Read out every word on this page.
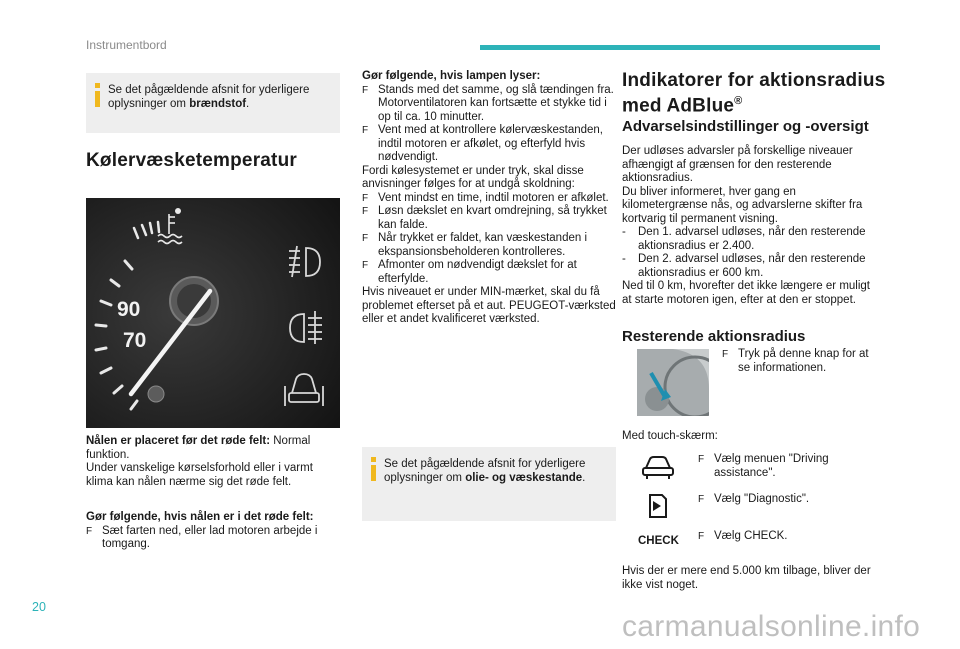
Instrumentbord
Se det pågældende afsnit for yderligere oplysninger om brændstof.
Kølervæsketemperatur
90
70
Nålen er placeret før det røde felt: Normal funktion.
Under vanskelige kørselsforhold eller i varmt klima kan nålen nærme sig det røde felt.
Gør følgende, hvis nålen er i det røde felt:
F Sæt farten ned, eller lad motoren arbejde i tomgang.
Gør følgende, hvis lampen lyser:
F Stands med det samme, og slå tændingen fra. Motorventilatoren kan fortsætte et stykke tid i op til ca. 10 minutter.
F Vent med at kontrollere kølervæskestanden, indtil motoren er afkølet, og efterfyld hvis nødvendigt.
Fordi kølesystemet er under tryk, skal disse anvisninger følges for at undgå skoldning:
F Vent mindst en time, indtil motoren er afkølet.
F Løsn dækslet en kvart omdrejning, så trykket kan falde.
F Når trykket er faldet, kan væskestanden i ekspansionsbeholderen kontrolleres.
F Afmonter om nødvendigt dækslet for at efterfylde.
Hvis niveauet er under MIN-mærket, skal du få problemet efterset på et aut. PEUGEOT-værksted eller et andet kvalificeret værksted.
Se det pågældende afsnit for yderligere oplysninger om olie- og væskestande.
Indikatorer for aktionsradius
med AdBlue®
Advarselsindstillinger og -oversigt
Der udløses advarsler på forskellige niveauer afhængigt af grænsen for den resterende aktionsradius.
Du bliver informeret, hver gang en kilometergrænse nås, og advarslerne skifter fra kortvarig til permanent visning.
- Den 1. advarsel udløses, når den resterende aktionsradius er 2.400.
- Den 2. advarsel udløses, når den resterende aktionsradius er 600 km.
Ned til 0 km, hvorefter det ikke længere er muligt at starte motoren igen, efter at den er stoppet.
Resterende aktionsradius
F Tryk på denne knap for at se informationen.
Med touch-skærm:
F Vælg menuen "Driving assistance".
F Vælg "Diagnostic".
CHECK F Vælg CHECK.
Hvis der er mere end 5.000 km tilbage, bliver der ikke vist noget.
20
carmanualsonline.info
